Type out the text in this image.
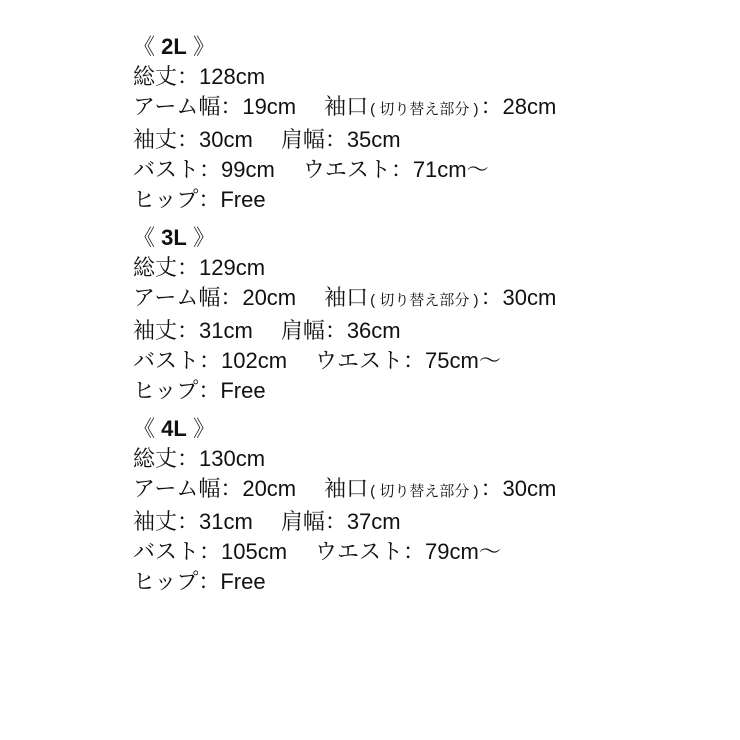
《 2L 》

総丈：128cm

アーム幅：19cm 袖口 ( 切り替え部分 )：28cm

袖丈：30cm 肩幅：35cm

バスト：99cm ウエスト：71cm〜

ヒップ：Free

《 3L 》

総丈：129cm

アーム幅：20cm 袖口 ( 切り替え部分 )：30cm

袖丈：31cm 肩幅：36cm

バスト：102cm ウエスト：75cm〜

ヒップ：Free

《 4L 》

総丈：130cm

アーム幅：20cm 袖口 ( 切り替え部分 )：30cm

袖丈：31cm 肩幅：37cm

バスト：105cm ウエスト：79cm〜

ヒップ：Free
